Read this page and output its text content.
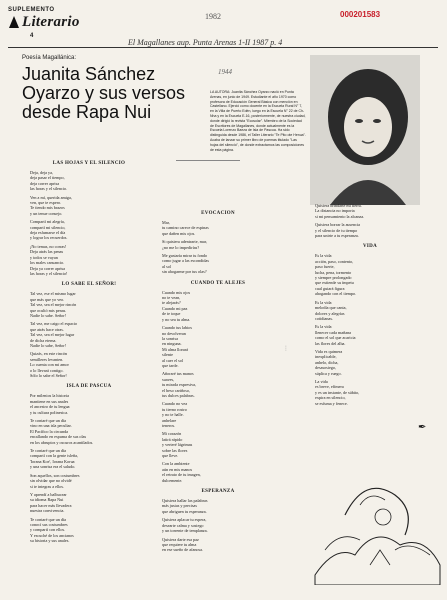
SUPLEMENTO
Literario
4
1982	000201583
El Magallanes aup. Punta Arenas 1-II 1987 p. 4
Poesía Magallánica:
Juanita Sánchez Oyarzo y sus versos desde Rapa Nui
1944
LA AUTORA: Juanita Sánchez Oyarzo nació en Punta Arenas, en junio de 1949. Estudiante el año 1970 como profesora de Educación General Básica con mención en Castellano. Ejerció como docente en la Escuela Rural N° 7, en la Villa de Puerto Edén, luego en la Escuela N° 22 de Ch-Nha y en la Escuela E-16, posteriormente, de nuestra ciudad, donde dirigió la revista "Ecosolar". Miembro de la Sociedad de Escritores de Magallanes, donde actualmente es la Escuela Lorenzo Baeza de Isla de Pascua. Ha sido distinguida desde 1986, el Taller Literario "Te Pito ote Henua". Acaba de lanzar su primer libro de poemas titulado "Las hojas del silencio", de donde extractamos las composiciones de esta página.
LAS HOJAS Y EL SILENCIO

Deja, deja ya,
deja pasar el tiempo,
deja correr aprisa
las horas y el silencio.

Ven a mí, querida amiga,
ven, que te espero.
Te tiendo mis brazos
y un tenue consejo.

Compartí mi alegría,
compartí mi silencio,
deja esfumarse el día
y lograr los recuerdos.

¡No temas, no corras!
Deja atrás las penas
y todos se vayan
los males cansancio.
Deja ya correr aprisa
las horas y el silencio!

LO SABE EL SEÑOR!

Tal vez, ese el mismo lugar
que más que yo veo.
Tal vez, sea el mejor rincón
que ocultó mis penas.
Nadie lo sabe. Señor!

Tal vez, me caigo el espacio
que atrás hace otras.
Tal vez, sea el mejor lugar
de dicha eterna.
Nadie lo sabe, Señor!

Quizás, en este rincón
semilleres levanten.
Lo cuenta con mi amor
o lo llevará contigo.
Sólo lo sabe el Señor!

ISLA DE PASCUA

Por milenios la historia
mantiene en sus anales
el ancestro de tu lengua
y tu cultura polinesica.

Te contaré que un día
vino en una isla peculiar.
El Pacífico la circunda
encallando en espuma de sus olas
en los abruptos y oscuros acantilados.

Te contaré que un día
compartí con la gente isleña,
'Iorana Koe', Iorana Korua
y una sonrisa era el saludo.

Son aquellos, son costumbres
sin olvidar que no olvidé
si te integras a ellos.

Y aprendí a balbucear
su idioma Rapa Nui
para hacer más llevadera
nuestra convivencia.

Te contaré que un día
conocí sus costumbres
y compartí con ellos.
Y escuché de los ancianos
su historia y sus anales.

EVOCACION

Mar,
tu camino carece de espinas
que dañen mis ojos.

Si quisiera adentrarte, mar,
¿no me lo impedirías?

Me gustaría mirar tu fondo
como jugar a las escondidas
al sol
sin ahogarme por tus olas?

CUANDO TE ALEJES

Cuando mis ojos
no te vean,
te alejarás?
Cuando mi paz
de te toque
y no sea tu alma.

Cuando tus labios
no devolveran
la sonrisa
en ninguna.
Mi alma llorará
silente
al caer el sol
que tarde.

Añoraré tus manos
suaves,
tu mirada expresiva,
el beso cariñoso,
tus dulces palabras.

Cuando no vea
tu tierno rostro
y no te halle.
anhelare
teneros.

Mi corazón
latirá rápido
y verteré lágrimas
sobre las flores
que lleve.

Con la ambiente
aún en mis manos
el retrato de tu imagen,
dulcemente.

ESPERANZA

Quisiera hallar las palabras
más justas y precisas
que abriguen tu esperanza.

Quisiera aplacar tu espera,
desearte calma y sosiego
y un torrente de templanza.

Quisiera darte esa paz
que requiere tu alma
en ese sueño de afanosa.

⋮

Quisiera brindarte mi tierra.
La distancia no importa
si mi pensamiento la alcanza.

Quisiera borrar la ausencia
y el silencio de tu tiempo
para unirte a tu esperanza.

VIDA

Es la vida
acción, paso, contento,
paso fuerte,
lucha, pena, tormento
y siempre prolongado
que extiende su ímpetu
cual guiará figura
ahogando con el tiempo.

Es la vida
melodía que canta,
dolores y alegrías
cotidianas.

Es la vida
llenecer cada mañana
como el sol que acaricia
las flores del alba.

Vida es quimera
inexplicable,
anhelo, dicha,
desasosiego,
súplica y ruego.

La vida
es breve, efímera
y es un instante, de súbito,
expira en silencio,
se esfuma y fenece.

✒
